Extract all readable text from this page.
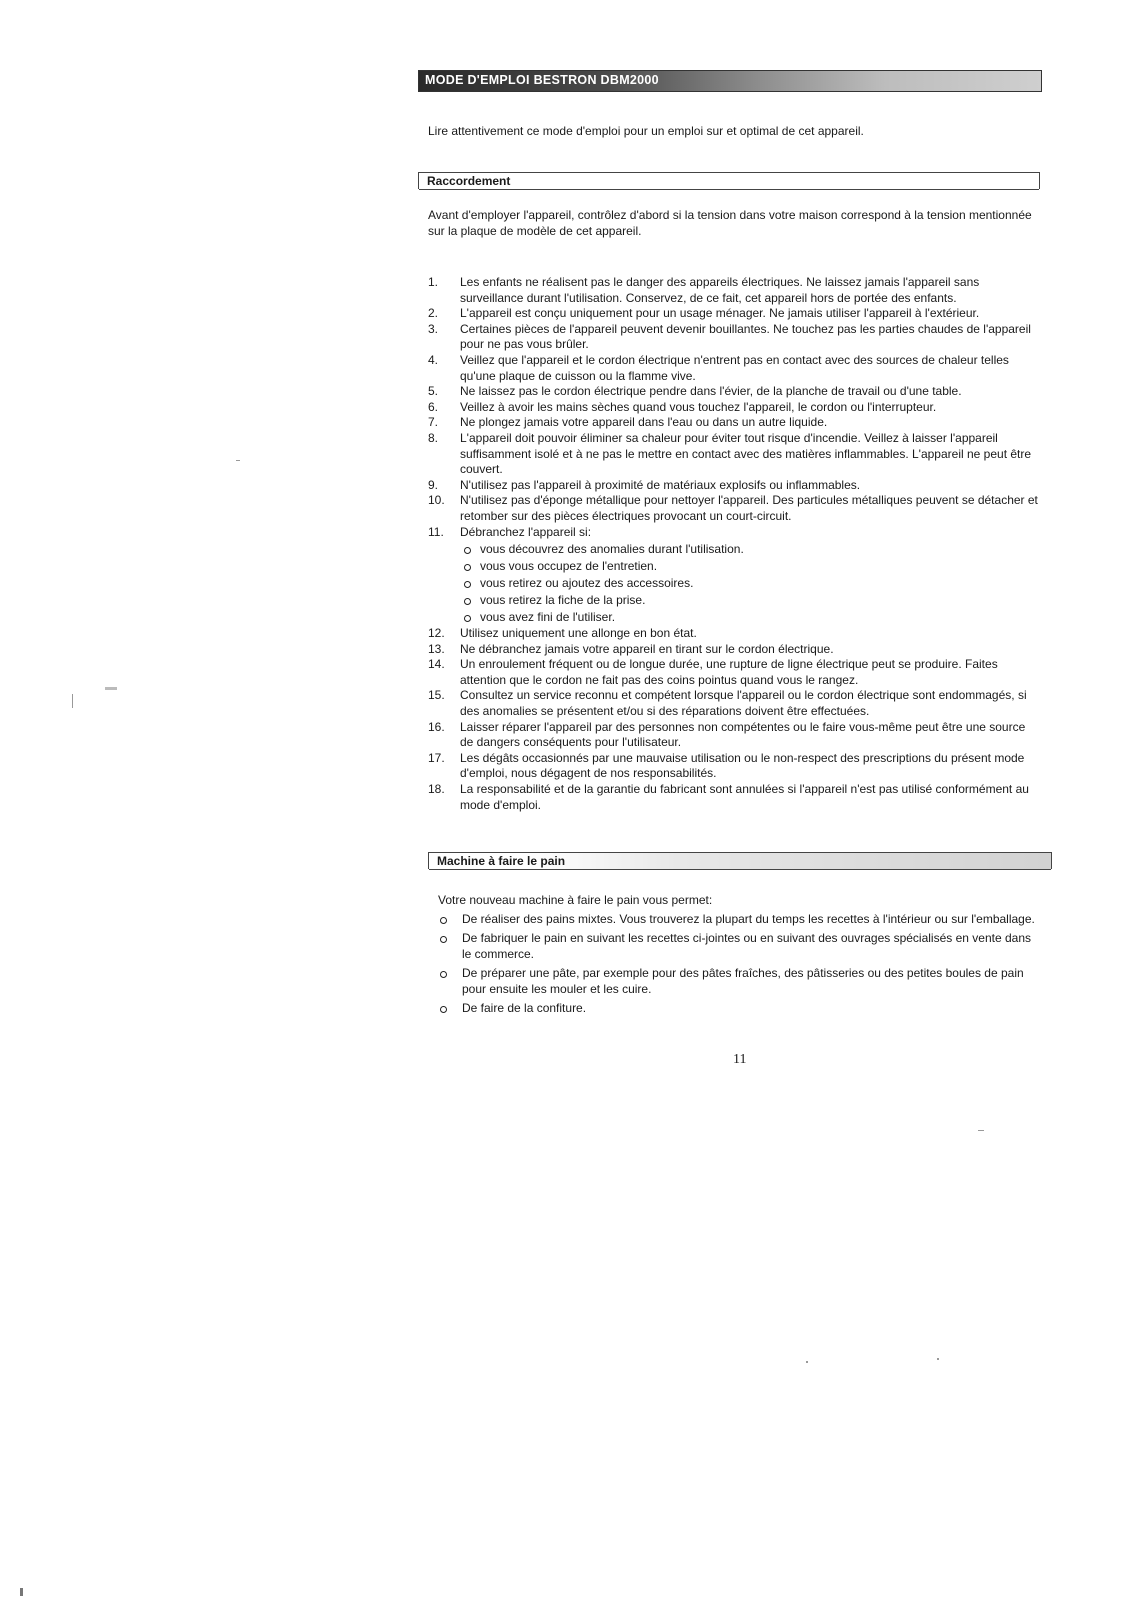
MODE D'EMPLOI BESTRON DBM2000
Lire attentivement ce mode d'emploi pour un emploi sur et optimal de cet appareil.
Raccordement
Avant d'employer l'appareil, contrôlez d'abord si la tension dans votre maison correspond à la tension mentionnée sur la plaque de modèle de cet appareil.
1. Les enfants ne réalisent pas le danger des appareils électriques. Ne laissez jamais l'appareil sans surveillance durant l'utilisation. Conservez, de ce fait, cet appareil hors de portée des enfants.
2. L'appareil est conçu uniquement pour un usage ménager. Ne jamais utiliser l'appareil à l'extérieur.
3. Certaines pièces de l'appareil peuvent devenir bouillantes. Ne touchez pas les parties chaudes de l'appareil pour ne pas vous brûler.
4. Veillez que l'appareil et le cordon électrique n'entrent pas en contact avec des sources de chaleur telles qu'une plaque de cuisson ou la flamme vive.
5. Ne laissez pas le cordon électrique pendre dans l'évier, de la planche de travail ou d'une table.
6. Veillez à avoir les mains sèches quand vous touchez l'appareil, le cordon ou l'interrupteur.
7. Ne plongez jamais votre appareil dans l'eau ou dans un autre liquide.
8. L'appareil doit pouvoir éliminer sa chaleur pour éviter tout risque d'incendie. Veillez à laisser l'appareil suffisamment isolé et à ne pas le mettre en contact avec des matières inflammables. L'appareil ne peut être couvert.
9. N'utilisez pas l'appareil à proximité de matériaux explosifs ou inflammables.
10. N'utilisez pas d'éponge métallique pour nettoyer l'appareil. Des particules métalliques peuvent se détacher et retomber sur des pièces électriques provocant un court-circuit.
11. Débranchez l'appareil si:
vous découvrez des anomalies durant l'utilisation.
vous vous occupez de l'entretien.
vous retirez ou ajoutez des accessoires.
vous retirez la fiche de la prise.
vous avez fini de l'utiliser.
12. Utilisez uniquement une allonge en bon état.
13. Ne débranchez jamais votre appareil en tirant sur le cordon électrique.
14. Un enroulement fréquent ou de longue durée, une rupture de ligne électrique peut se produire. Faites attention que le cordon ne fait pas des coins pointus quand vous le rangez.
15. Consultez un service reconnu et compétent lorsque l'appareil ou le cordon électrique sont endommagés, si des anomalies se présentent et/ou si des réparations doivent être effectuées.
16. Laisser réparer l'appareil par des personnes non compétentes ou le faire vous-même peut être une source de dangers conséquents pour l'utilisateur.
17. Les dégâts occasionnés par une mauvaise utilisation ou le non-respect des prescriptions du présent mode d'emploi, nous dégagent de nos responsabilités.
18. La responsabilité et de la garantie du fabricant sont annulées si l'appareil n'est pas utilisé conformément au mode d'emploi.
Machine à faire le pain
Votre nouveau machine à faire le pain vous permet:
De réaliser des pains mixtes. Vous trouverez la plupart du temps les recettes à l'intérieur ou sur l'emballage.
De fabriquer le pain en suivant les recettes ci-jointes ou en suivant des ouvrages spécialisés en vente dans le commerce.
De préparer une pâte, par exemple pour des pâtes fraîches, des pâtisseries ou des petites boules de pain pour ensuite les mouler et les cuire.
De faire de la confiture.
11
